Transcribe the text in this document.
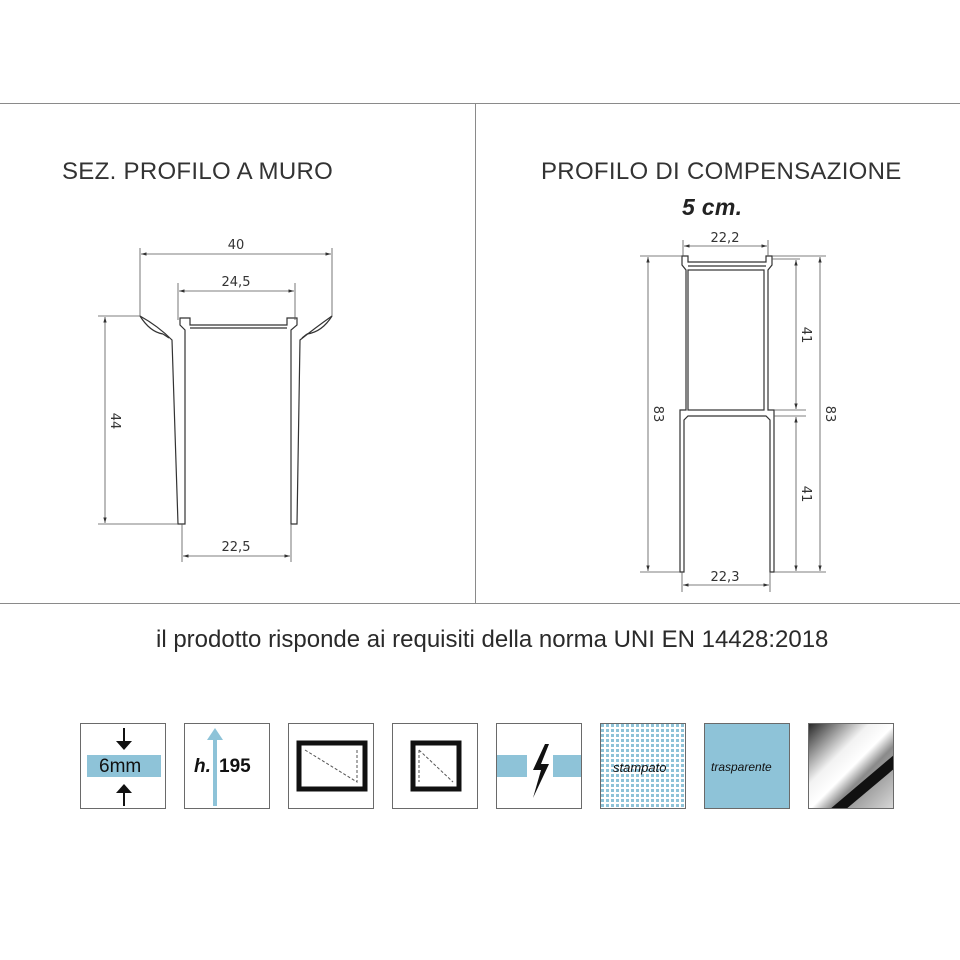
SEZ. PROFILO A MURO	PROFILO DI COMPENSAZIONE
5 cm.
40
24,5
22,5
44
22,2
22,3
83	83
41
41
il prodotto risponde ai requisiti della norma UNI EN 14428:2018
6mm	h. 195	stampato	trasparente
